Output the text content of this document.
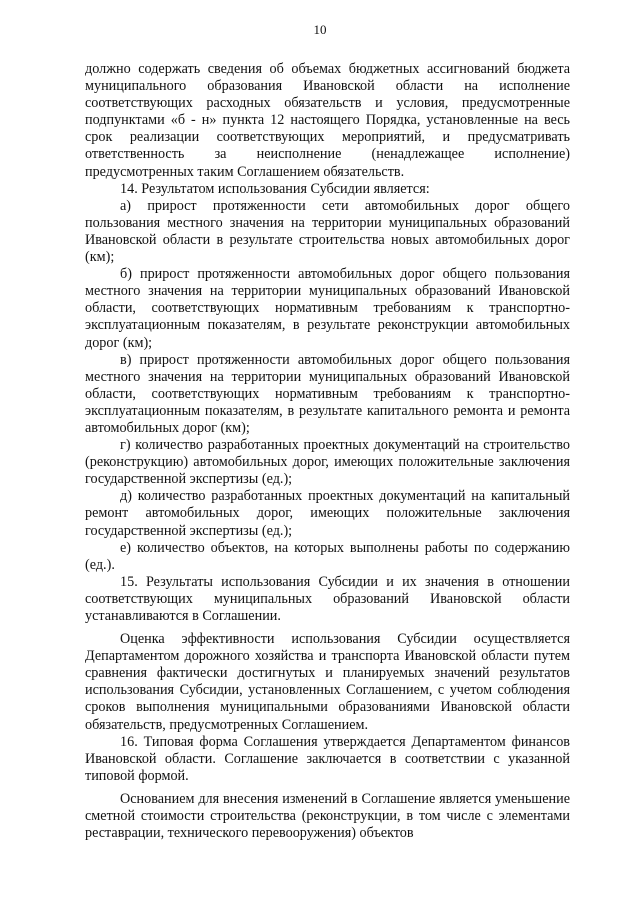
10

должно содержать сведения об объемах бюджетных ассигнований бюджета муниципального образования Ивановской области на исполнение соответствующих расходных обязательств и условия, предусмотренные подпунктами «б - н» пункта 12 настоящего Порядка, установленные на весь срок реализации соответствующих мероприятий, и предусматривать ответственность за неисполнение (ненадлежащее исполнение) предусмотренных таким Соглашением обязательств.

14. Результатом использования Субсидии является:

а) прирост протяженности сети автомобильных дорог общего пользования местного значения на территории муниципальных образований Ивановской области в результате строительства новых автомобильных дорог (км);

б) прирост протяженности автомобильных дорог общего пользования местного значения на территории муниципальных образований Ивановской области, соответствующих нормативным требованиям к транспортно-эксплуатационным показателям, в результате реконструкции автомобильных дорог (км);

в) прирост протяженности автомобильных дорог общего пользования местного значения на территории муниципальных образований Ивановской области, соответствующих нормативным требованиям к транспортно-эксплуатационным показателям, в результате капитального ремонта и ремонта автомобильных дорог (км);

г) количество разработанных проектных документаций на строительство (реконструкцию) автомобильных дорог, имеющих положительные заключения государственной экспертизы (ед.);

д) количество разработанных проектных документаций на капитальный ремонт автомобильных дорог, имеющих положительные заключения государственной экспертизы (ед.);

е) количество объектов, на которых выполнены работы по содержанию (ед.).

15. Результаты использования Субсидии и их значения в отношении соответствующих муниципальных образований Ивановской области устанавливаются в Соглашении.

Оценка эффективности использования Субсидии осуществляется Департаментом дорожного хозяйства и транспорта Ивановской области путем сравнения фактически достигнутых и планируемых значений результатов использования Субсидии, установленных Соглашением, с учетом соблюдения сроков выполнения муниципальными образованиями Ивановской области обязательств, предусмотренных Соглашением.

16. Типовая форма Соглашения утверждается Департаментом финансов Ивановской области. Соглашение заключается в соответствии с указанной типовой формой.

Основанием для внесения изменений в Соглашение является уменьшение сметной стоимости строительства (реконструкции, в том числе с элементами реставрации, технического перевооружения) объектов
